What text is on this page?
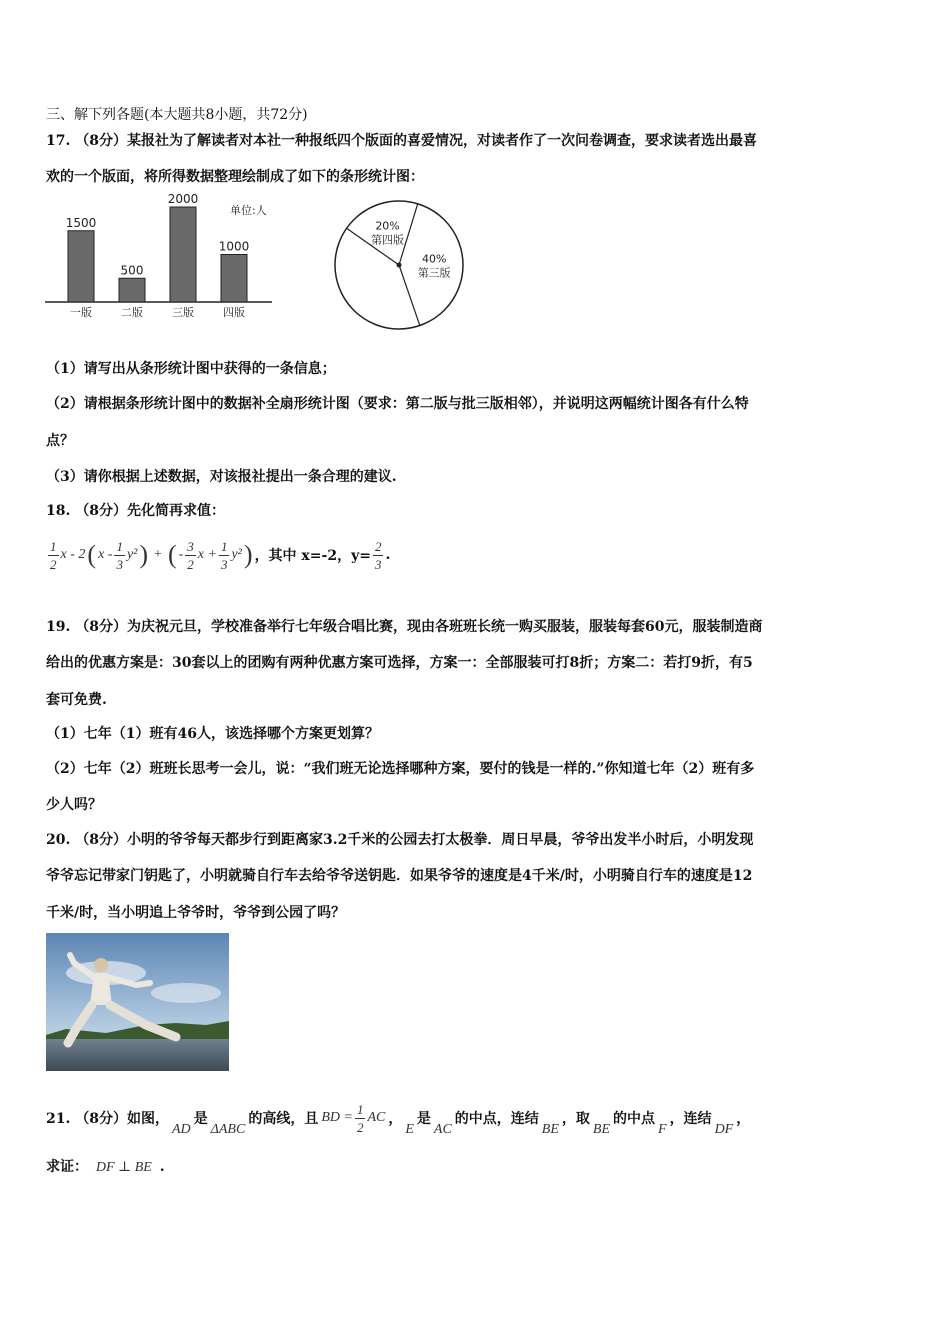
三、解下列各题(本大题共8小题，共72分)
17. （8分）某报社为了解读者对本社一种报纸四个版面的喜爱情况，对读者作了一次问卷调查，要求读者选出最喜
欢的一个版面，将所得数据整理绘制成了如下的条形统计图：
1500
一版
500
二版
2000
三版
1000
四版
单位:人
20%
第四版
40%
第三版
（1）请写出从条形统计图中获得的一条信息；
（2）请根据条形统计图中的数据补全扇形统计图（要求：第二版与批三版相邻），并说明这两幅统计图各有什么特
点？
（3）请你根据上述数据，对该报社提出一条合理的建议.
18. （8分）先化简再求值：
$\frac{1}{2}$ x - 2 ( x - $\frac{1}{3} y^2$ ) + ( - $\frac{3}{2}$ $x + \frac{1}{3} y^2$ ) ，其中 x=-2，$y= \frac{2}{3}$ .
19. （8分）为庆祝元旦，学校准备举行七年级合唱比赛，现由各班班长统一购买服装，服装每套60元，服装制造商
给出的优惠方案是：30套以上的团购有两种优惠方案可选择，方案一：全部服装可打8折；方案二：若打9折，有5
套可免费.
（1）七年（1）班有46人，该选择哪个方案更划算？
（2）七年（2）班班长思考一会儿，说：“我们班无论选择哪种方案，要付的钱是一样的.”你知道七年（2）班有多
少人吗？
20. （8分）小明的爷爷每天都步行到距离家3.2千米的公园去打太极拳．周日早晨，爷爷出发半小时后，小明发现
爷爷忘记带家门钥匙了，小明就骑自行车去给爷爷送钥匙．如果爷爷的速度是4千米/时，小明骑自行车的速度是12
千米/时，当小明追上爷爷时，爷爷到公园了吗？
21. （8分）如图，
AD
是
ΔABC
的高线，且 BD = $\frac{1}{2}$ AC ，
E
是
AC
的中点，连结
BE
，取
BE
的中点
F
，连结
DF
，
求证： DF ⊥ BE .
